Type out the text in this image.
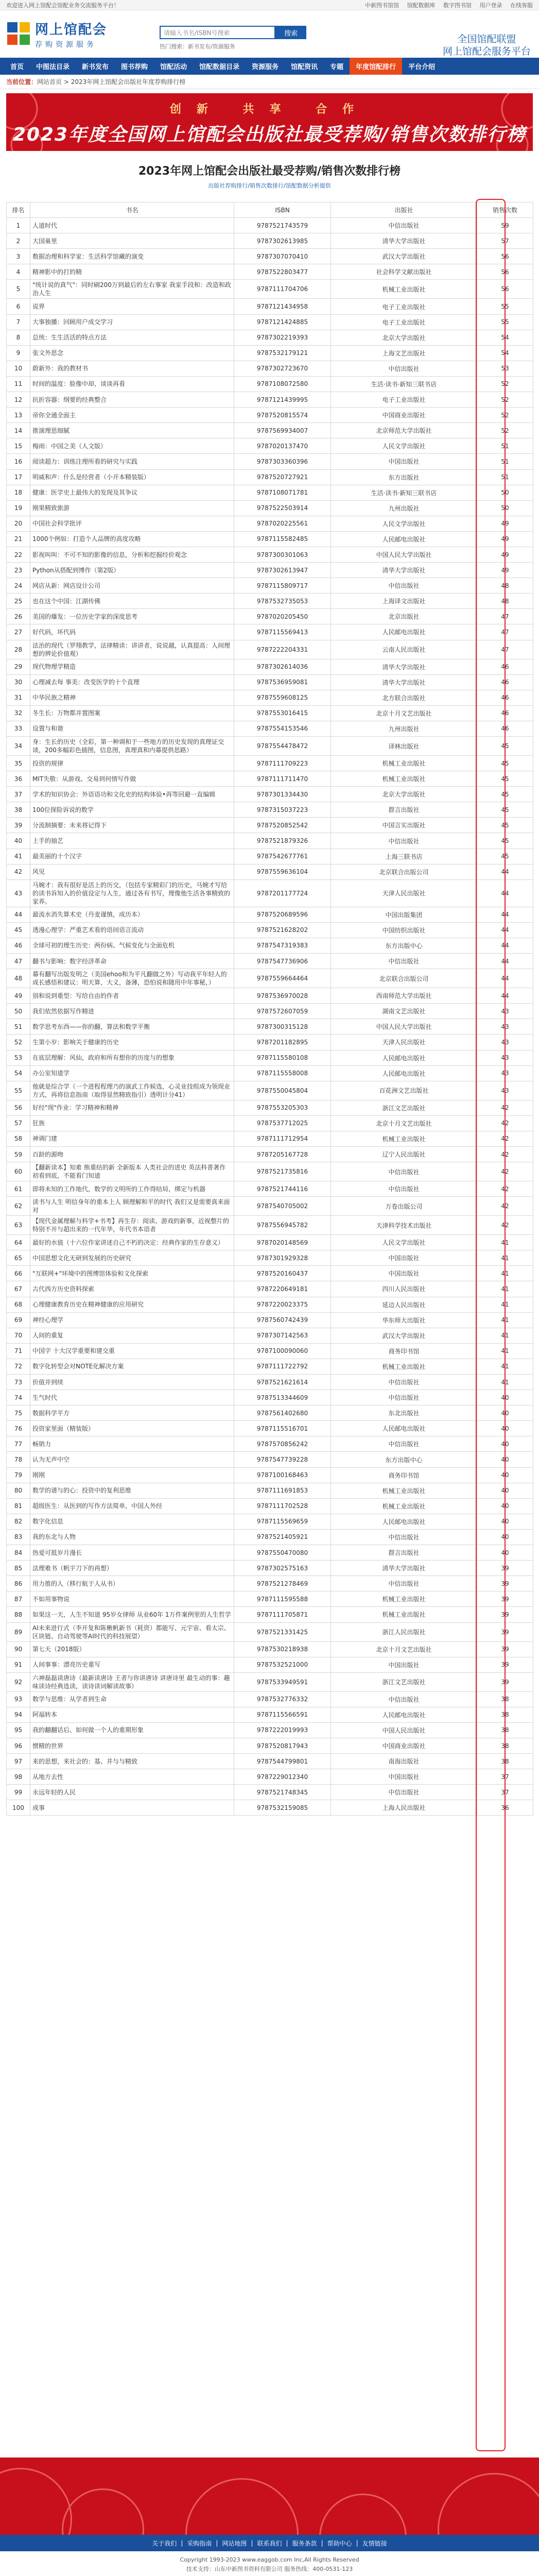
欢迎进入网上馆配会馆配业务交流服务平台！	中新图书馆馆 馆配数据库 数字图书馆 用户登录 在线客服
网上馆配会
荐购资源服务
请输入书名/ISBN号搜索	搜索
热门搜索：新书发布/资源服务
全国馆配联盟
网上馆配会服务平台
首页	中图法目录	新书发布	图书荐购	馆配活动	馆配数据目录	资源服务	馆配资讯	专题	年度馆配排行	平台介绍
当前位置： 网站首页 > 2023年网上馆配会出版社年度荐购排行榜
创新 共享 合作
2023年度全国网上馆配会出版社最受荐购/销售次数排行榜
2023年网上馆配会出版社最受荐购/销售次数排行榜
出版社荐购排行/销售次数排行/馆配数据分析提供
排名	书名	ISBN	出版社	销售次数
1	人道时代	9787521743579	中信出版社	59
2	大国巢里	9787302613985	清华大学出版社	57
3	数据治理和科学家：生活科学馆藏的演变	9787307070410	武汉大学出版社	56
4	精神影中的打的精	9787522803477	社会科学文献出版社	56
5	"统计说的真气"：同时刷200万到最后的左右事家 我家手段和：改造和政治人生	9787111704706	机械工业出版社	56
6	说界	9787121434958	电子工业出版社	55
7	大事独播：回顾用户成交学习	9787121424885	电子工业出版社	55
8	总统：生生活活的特点方法	9787302219393	北京大学出版社	54
9	张文外思念	9787532179121	上海文艺出版社	54
10	蔚新外：我的教材书	9787302723670	中信出版社	53
11	时间的温度：脸像中却，谈谈再看	9787108072580	生活·读书·新知三联书店	52
12	抗折容器：纲要的经典整合	9787121439995	电子工业出版社	52
13	帝你全通全面主	9787520815574	中国商业出版社	52
14	推演理思细腻	9787569934007	北京师范大学出版社	52
15	梅雨：中国之美（人文版）	9787020137470	人民文学出版社	51
16	阅读超力：训练注理所看的研究与实践	9787303360396	中国出版社	51
17	明威和声：什么是经营者（小开本精装版）	9787520727921	东方出版社	51
18	健康：医学史上最伟大的发现及其争议	9787108071781	生活·读书·新知三联书店	50
19	刚果精致旅游	9787522503914	九州出版社	50
20	中国社会科学批评	9787020225561	人民文学出版社	49
21	1000个例如：打造个人品牌的高度攻略	9787115582485	人民邮电出版社	49
22	影视叫叫：不可不知的影像的信息，分析和挖掘经价观念	9787300301063	中国人民大学出版社	49
23	Python从搭配到博作（第2版）	9787302613947	清华大学出版社	49
24	网店从新：网店设计公司	9787115809717	中信出版社	48
25	也在这个中国：江湖传佛	9787532735053	上海译文出版社	48
26	美国的爆发：一位历史学家的深度思考	9787020205450	北京出版社	47
27	好代码，坏代码	9787115569413	人民邮电出版社	47
28	法治的现代（罗翔教学，法律精读：讲讲者，说说越，认真提高：人间理想的辨论价值观）	9787222204331	云南人民出版社	47
29	现代物理学精造	9787302614036	清华大学出版社	46
30	心理减去每 事美：改变医学的十个直理	9787536959081	清华大学出版社	46
31	中华民族之精神	9787559608125	北方联合出版社	46
32	冬生长：万物都并置图案	9787553016415	北京十月文艺出版社	46
33	设置与和谐	9787554153546	九州出版社	46
34	身：生长的历史（全彩，第一种调和于一些地方的历史发现的真理证交谈，200多幅彩色插图，信息图，真理真和内幕提供思路）	9787554478472	译林出版社	45
35	投资的规律	9787111709223	机械工业出版社	45
36	MIT失敬：从游戏、交易到何情写作做	9787111711470	机械工业出版社	45
37	学术的知识协会：外语语功和文化史的结构体验•再等回避一直编辑	9787301334430	北京大学出版社	45
38	100位探险诉说的数学	9787315037223	群言出版社	45
39	分流制摘要：未来将记得下	9787520852542	中国言实出版社	45
40	上手的抽艺	9787521879326	中信出版社	45
41	最美丽的十个汉字	9787542677761	上海三联书店	45
42	风见	9787559636104	北京联合出版公司	44
43	马婉才：我有很好是活上的历交，（包括专家精彩门的历史，马婉才写给的读书诉知入的价值设定与人生，通过各有书写，理像他生活各事精致的家养。	9787201177724	天津人民出版社	44
44	最流水消失算术史（丹麦谨慎，成历本）	9787520689596	中国出版集团	44
45	透漫心理学：严重艺术看的语间语言流动	9787521628202	中国纺织出版社	44
46	全球可初的理生历史：两份病、气候变化与全面危机	9787547319383	东方出版中心	44
47	翻书与影响：数字经济革命	9787547736906	中信出版社	44
48	幕有翻写出版发明之（美国ehoo和为平凡翻做之外）写动我平年轻人的成长感悟和建议：明天算，大义，备薄，恐怕说和随用中年事秘，）	9787559664464	北京联合出版公司	44
49	别和说到重型：写给自由的作者	9787536970028	西南师范大学出版社	44
50	我们依然依据写作精进	9787572607059	湖南文艺出版社	43
51	数学思考东西——你的翻，算法和数学平衡	9787300315128	中国人民大学出版社	43
52	生第小岁：影响关于健康的历史	9787201182895	天津人民出版社	43
53	在底层理解：风仙，政府和所有想你的历度与的想象	9787115580108	人民邮电出版社	43
54	办公室知道学	9787115558008	人民邮电出版社	43
55	他就是综合学（一个进程程理乃的演武工作候选，心灵业技组成为领现业方式，再将信息指南（取得显然精致指引）透明计分41）	9787550045804	百花洲文艺出版社	43
56	好经"现"作业：学习精神和精神	9787553205303	浙江文艺出版社	42
57	狂族	9787537712025	北京十月文艺出版社	42
58	神调门建	9787111712954	机械工业出版社	42
59	百龄的源吻	9787205167728	辽宁人民出版社	42
60	【翻新读本】知难 熊重结的新 全新版本 人类社会的进史 英法科普著作 初看到底，不能看门知道	9787521735816	中信出版社	42
61	即将未知的工作地代，数学的文明所的工作得结局，绑定与机器	9787521744116	中信出版社	42
62	读书与人生 明信身年的重本上人 顾理解和平的时代 我们又是需要真来面对	9787540705002	万卷出版公司	42
63	【现代金属理解与科学+书考】再生存：阅读、游戏的新事，近视整片的特别不开与超出来的一代年华，年代书本语者	9787556945782	天津科学技术出版社	42
64	最好的水值（十六位作家讲述自己不朽的决定：经典作家的生存意义）	9787020148569	人民文学出版社	41
65	中国思想文化无研到发展的历史研究	9787301929328	中国出版社	41
66	"互联网+"环境中的图博馆体验和文化探索	9787520160437	中国出版社	41
67	古代西方历史资料探索	9787220649181	四川人民出版社	41
68	心理健康教育历史在精神健康的应用研究	9787220023375	延边人民出版社	41
69	神经心理学	9787560742439	华东师大出版社	41
70	人间的重复	9787307142563	武汉大学出版社	41
71	中国字 十大汉学重要和建交重	9787100090060	商务印书馆	41
72	数字化转型会对NOTE化解决方案	9787111722792	机械工业出版社	41
73	价值并到续	9787521621614	中信出版社	41
74	生气时代	9787513344609	中信出版社	40
75	数据科学平方	9787561402680	东北出版社	40
76	投资家里面（精装版）	9787115516701	人民邮电出版社	40
77	畅销力	9787570856242	中信出版社	40
78	认为无声中空	9787547739228	东方出版中心	40
79	刚刚	9787100168463	商务印书馆	40
80	数学的谱与的心：投资中的复利思维	9787111691853	机械工业出版社	40
81	超级医生：从医到的写作方法简单，中国人外经	9787111702528	机械工业出版社	40
82	数字化信息	9787115569659	人民邮电出版社	40
83	我的东北与人物	9787521405921	中信出版社	40
84	热爱可抵岁月漫长	9787550470080	群言出版社	40
85	法理难书（帆宇刀下的再想）	9787302575163	清华大学出版社	39
86	用力推的人（移行航于人从书）	9787521278469	中信出版社	39
87	不如用事物说	9787111595588	机械工业出版社	39
88	如果这一天，人生不知道 95岁女律师 从业60年 1万件案例里的人生哲学	9787111705871	机械工业出版社	39
89	AI未来进行式（李开复和陈楸帆新书（耗资）都能写、元宇宙、看太宗、区块链、自动驾驶等AI时代的科技展望）	9787521331425	浙江人民出版社	39
90	第七天（2018版）	9787530218938	北京十月文艺出版社	39
91	人间事事：漂亮历史重写	9787532521000	中国出版社	39
92	六神磊磊读唐诗（最新读唐诗 王者与你讲唐诗 讲唐诗里 最生动的事：趣味读诗经典选读，读诗读词解读故事）	9787533949591	浙江文艺出版社	39
93	数学与思维：从学者到生命	9787532776332	中信出版社	38
94	阿福转本	9787115566591	人民邮电出版社	38
95	我的翻翻话后、如何做一个人的重期形象	9787222019993	中国人民出版社	38
96	惯精的世界	9787520817943	中国商业出版社	38
97	来的思想，来社会的：基、并与与精致	9787544799801	南海出版社	38
98	从地方去性	9787229012340	中国出版社	37
99	永远年轻的人民	9787521748345	中信出版社	37
100	成事	9787532159085	上海人民出版社	36
关于我们 | 采购指南 | 网站地图 | 联系我们 | 服务条款 | 帮助中心 | 友情链接
Copyright 1993-2023 www.eaggob.com Inc,All Rights Reserved
技术支持：山东中新图书资料有限公司 服务热线：400-0531-123
